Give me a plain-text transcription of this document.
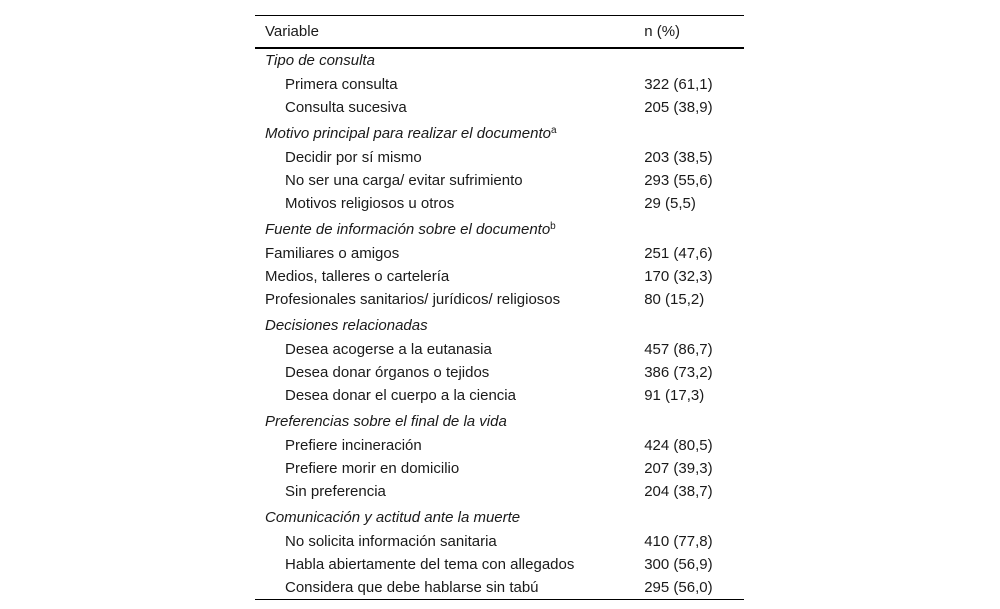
Variable	n (%)
Tipo de consulta	
Primera consulta	322 (61,1)
Consulta sucesiva	205 (38,9)
Motivo principal para realizar el documento$^a$	
Decidir por sí mismo	203 (38,5)
No ser una carga/ evitar sufrimiento	293 (55,6)
Motivos religiosos u otros	29 (5,5)
Fuente de información sobre el documento$^b$	
Familiares o amigos	251 (47,6)
Medios, talleres o cartelería	170 (32,3)
Profesionales sanitarios/ jurídicos/ religiosos	80 (15,2)
Decisiones relacionadas	
Desea acogerse a la eutanasia	457 (86,7)
Desea donar órganos o tejidos	386 (73,2)
Desea donar el cuerpo a la ciencia	91 (17,3)
Preferencias sobre el final de la vida	
Prefiere incineración	424 (80,5)
Prefiere morir en domicilio	207 (39,3)
Sin preferencia	204 (38,7)
Comunicación y actitud ante la muerte	
No solicita información sanitaria	410 (77,8)
Habla abiertamente del tema con allegados	300 (56,9)
Considera que debe hablarse sin tabú	295 (56,0)
